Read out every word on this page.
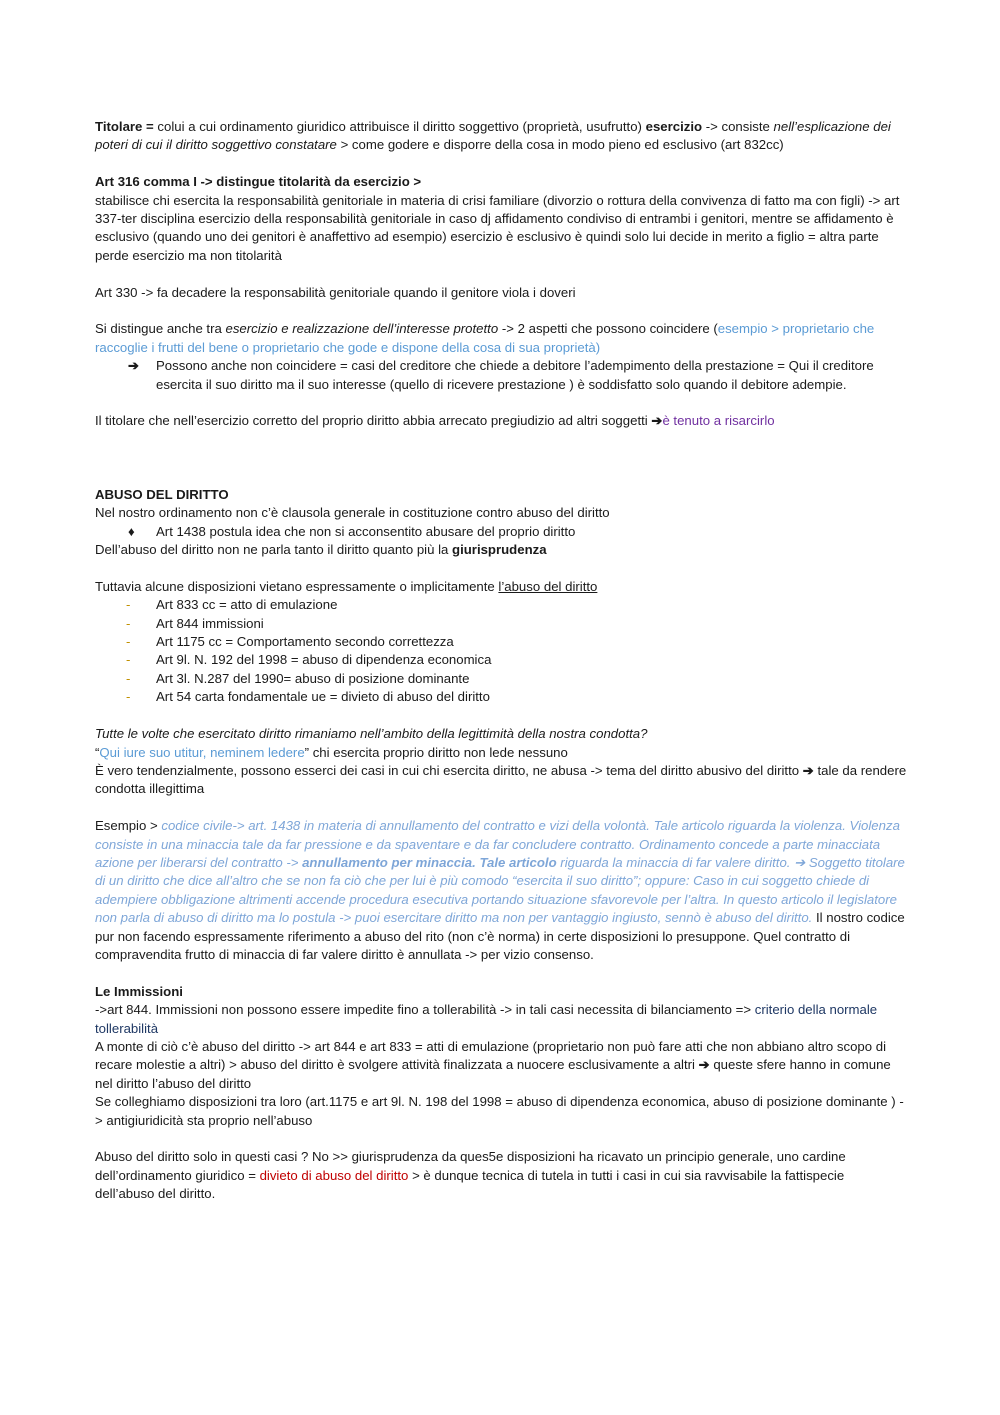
Titolare = colui a cui ordinamento giuridico attribuisce il diritto soggettivo (proprietà, usufrutto) esercizio -> consiste nell’esplicazione dei poteri di cui il diritto soggettivo constatare > come godere e disporre della cosa in modo pieno ed esclusivo (art 832cc)

Art 316 comma I -> distingue titolarità da esercizio >

stabilisce chi esercita la responsabilità genitoriale in materia di crisi familiare (divorzio o rottura della convivenza di fatto ma con figli) -> art 337-ter disciplina esercizio della responsabilità genitoriale in caso dj affidamento condiviso di entrambi i genitori, mentre se affidamento è esclusivo (quando uno dei genitori è anaffettivo ad esempio) esercizio è esclusivo è quindi solo lui decide in merito a figlio = altra parte perde esercizio ma non titolarità

Art 330 -> fa decadere la responsabilità genitoriale quando il genitore viola i doveri

Si distingue anche tra esercizio e realizzazione dell’interesse protetto -> 2 aspetti che possono coincidere (esempio > proprietario che raccoglie i frutti del bene o proprietario che gode e dispone della cosa di sua proprietà)

➔	Possono anche non coincidere = casi del creditore che chiede a debitore l’adempimento della prestazione = Qui il creditore esercita il suo diritto ma il suo interesse (quello di ricevere prestazione ) è soddisfatto solo quando il debitore adempie.

Il titolare che nell’esercizio corretto del proprio diritto abbia arrecato pregiudizio ad altri soggetti ➔è tenuto a risarcirlo

ABUSO DEL DIRITTO

Nel nostro ordinamento non c’è clausola generale in costituzione contro abuso del diritto

♦	Art 1438 postula idea che non si acconsentito abusare del proprio diritto

Dell’abuso del diritto non ne parla tanto il diritto quanto più la giurisprudenza

Tuttavia alcune disposizioni vietano espressamente o implicitamente l’abuso del diritto

-	Art 833 cc = atto di emulazione
-	Art 844 immissioni
-	Art 1175 cc = Comportamento secondo correttezza
-	Art 9l. N. 192 del 1998 = abuso di dipendenza economica
-	Art 3l. N.287 del 1990= abuso di posizione dominante
-	Art 54 carta fondamentale ue = divieto di abuso del diritto

Tutte le volte che esercitato diritto rimaniamo nell’ambito della legittimità della nostra condotta?

“Qui iure suo utitur, neminem ledere” chi esercita proprio diritto non lede nessuno

È vero tendenzialmente, possono esserci dei casi in cui chi esercita diritto, ne abusa -> tema del diritto abusivo del diritto ➔ tale da rendere condotta illegittima

Esempio > codice civile-> art. 1438 in materia di annullamento del contratto e vizi della volontà. Tale articolo riguarda la violenza. Violenza consiste in una minaccia tale da far pressione e da spaventare e da far concludere contratto. Ordinamento concede a parte minacciata azione per liberarsi del contratto -> annullamento per minaccia. Tale articolo riguarda la minaccia di far valere diritto. ➔ Soggetto titolare di un diritto che dice all’altro che se non fa ciò che per lui è più comodo “esercita il suo diritto”; oppure: Caso in cui soggetto chiede di adempiere obbligazione altrimenti accende procedura esecutiva portando situazione sfavorevole per l’altra. In questo articolo il legislatore non parla di abuso di diritto ma lo postula -> puoi esercitare diritto ma non per vantaggio ingiusto, sennò è abuso del diritto. Il nostro codice pur non facendo espressamente riferimento a abuso del rito (non c’è norma) in certe disposizioni lo presuppone. Quel contratto di compravendita frutto di minaccia di far valere diritto è annullata -> per vizio consenso.

Le Immissioni

->art 844. Immissioni non possono essere impedite fino a tollerabilità -> in tali casi necessita di bilanciamento => criterio della normale tollerabilità

A monte di ciò c’è abuso del diritto -> art 844 e art 833 = atti di emulazione (proprietario non può fare atti che non abbiano altro scopo di recare molestie a altri) > abuso del diritto è svolgere attività finalizzata a nuocere esclusivamente a altri ➔ queste sfere hanno in comune nel diritto l’abuso del diritto

Se colleghiamo disposizioni tra loro (art.1175 e art 9l. N. 198 del 1998 = abuso di dipendenza economica, abuso di posizione dominante ) -> antigiuridicità sta proprio nell’abuso

Abuso del diritto solo in questi casi ? No >> giurisprudenza da ques5e disposizioni ha ricavato un principio generale, uno cardine dell’ordinamento giuridico = divieto di abuso del diritto > è dunque tecnica di tutela in tutti i casi in cui sia ravvisabile la fattispecie dell’abuso del diritto.
